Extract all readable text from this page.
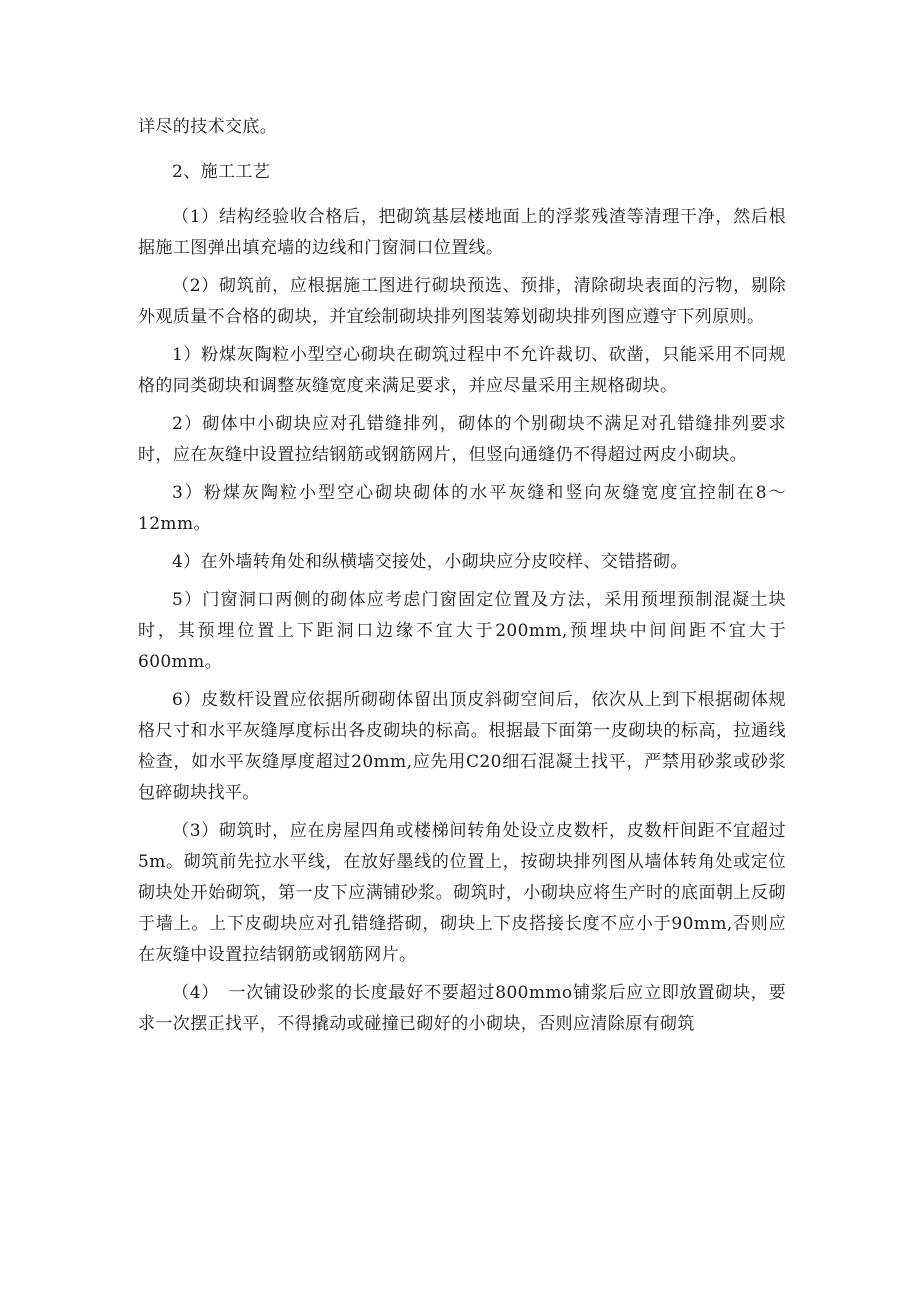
详尽的技术交底。

2、施工工艺

（1）结构经验收合格后，把砌筑基层楼地面上的浮浆残渣等清理干净，然后根据施工图弹出填充墙的边线和门窗洞口位置线。

（2）砌筑前，应根据施工图进行砌块预选、预排，清除砌块表面的污物，剔除外观质量不合格的砌块，并宜绘制砌块排列图装筹划砌块排列图应遵守下列原则。

1）粉煤灰陶粒小型空心砌块在砌筑过程中不允许裁切、砍凿，只能采用不同规格的同类砌块和调整灰缝宽度来满足要求，并应尽量采用主规格砌块。

2）砌体中小砌块应对孔错缝排列，砌体的个别砌块不满足对孔错缝排列要求时，应在灰缝中设置拉结钢筋或钢筋网片，但竖向通缝仍不得超过两皮小砌块。

3）粉煤灰陶粒小型空心砌块砌体的水平灰缝和竖向灰缝宽度宜控制在8～12mm。

4）在外墙转角处和纵横墙交接处，小砌块应分皮咬样、交错搭砌。

5）门窗洞口两侧的砌体应考虑门窗固定位置及方法，采用预埋预制混凝土块时，其预埋位置上下距洞口边缘不宜大于200mm,预埋块中间间距不宜大于600mm。

6）皮数杆设置应依据所砌砌体留出顶皮斜砌空间后，依次从上到下根据砌体规格尺寸和水平灰缝厚度标出各皮砌块的标高。根据最下面第一皮砌块的标高，拉通线检查，如水平灰缝厚度超过20mm,应先用C20细石混凝土找平，严禁用砂浆或砂浆包碎砌块找平。

（3）砌筑时，应在房屋四角或楼梯间转角处设立皮数杆，皮数杆间距不宜超过5m。砌筑前先拉水平线，在放好墨线的位置上，按砌块排列图从墙体转角处或定位砌块处开始砌筑，第一皮下应满铺砂浆。砌筑时，小砌块应将生产时的底面朝上反砌于墙上。上下皮砌块应对孔错缝搭砌，砌块上下皮搭接长度不应小于90mm,否则应在灰缝中设置拉结钢筋或钢筋网片。

（4）　一次铺设砂浆的长度最好不要超过800mmo铺浆后应立即放置砌块，要求一次摆正找平，不得撬动或碰撞已砌好的小砌块，否则应清除原有砌筑
